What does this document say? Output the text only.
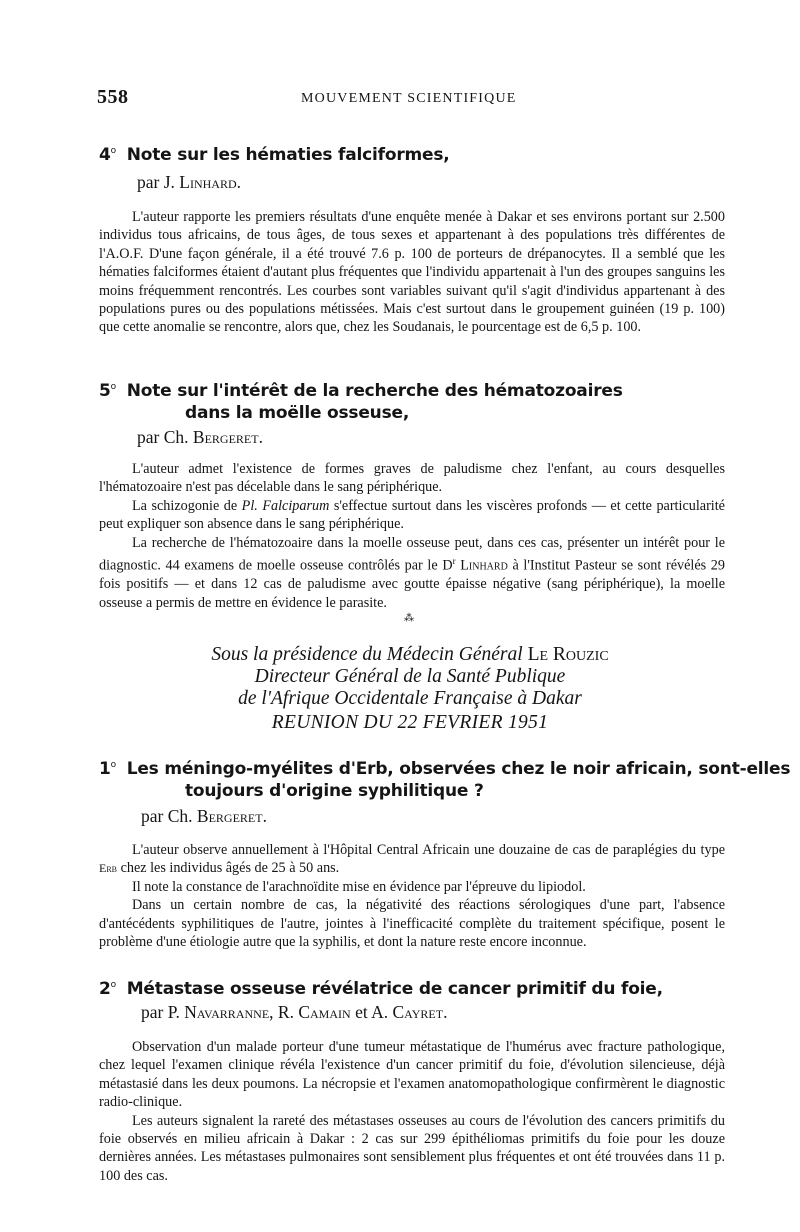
558	MOUVEMENT SCIENTIFIQUE
4$^o$ Note sur les hématies falciformes,
par J. Linhard.

L'auteur rapporte les premiers résultats d'une enquête menée à Dakar et ses environs portant sur 2.500 individus tous africains, de tous âges, de tous sexes et appartenant à des populations très différentes de l'A.O.F. D'une façon générale, il a été trouvé 7.6 p. 100 de porteurs de drépanocytes. Il a semblé que les hématies falciformes étaient d'autant plus fréquentes que l'individu appartenait à l'un des groupes sanguins les moins fréquemment rencontrés. Les courbes sont variables suivant qu'il s'agit d'individus appartenant à des populations pures ou des populations métissées. Mais c'est surtout dans le groupement guinéen (19 p. 100) que cette anomalie se rencontre, alors que, chez les Soudanais, le pourcentage est de 6,5 p. 100.

5$^o$ Note sur l'intérêt de la recherche des hématozoaires
dans la moëlle osseuse,
par Ch. Bergeret.

L'auteur admet l'existence de formes graves de paludisme chez l'enfant, au cours desquelles l'hématozoaire n'est pas décelable dans le sang périphérique.

La schizogonie de Pl. Falciparum s'effectue surtout dans les viscères profonds — et cette particularité peut expliquer son absence dans le sang périphérique.

La recherche de l'hématozoaire dans la moelle osseuse peut, dans ces cas, présenter un intérêt pour le diagnostic. 44 examens de moelle osseuse contrôlés par le $D^r$ Linhard à l'Institut Pasteur se sont révélés 29 fois positifs — et dans 12 cas de paludisme avec goutte épaisse négative (sang périphérique), la moelle osseuse a permis de mettre en évidence le parasite.

⁂
Sous la présidence du Médecin Général Le Rouzic
Directeur Général de la Santé Publique
de l'Afrique Occidentale Française à Dakar
REUNION DU 22 FEVRIER 1951
1$^o$ Les méningo-myélites d'Erb, observées chez le noir africain, sont-elles
toujours d'origine syphilitique ?
par Ch. Bergeret.

L'auteur observe annuellement à l'Hôpital Central Africain une douzaine de cas de paraplégies du type Erb chez les individus âgés de 25 à 50 ans.

Il note la constance de l'arachnoïdite mise en évidence par l'épreuve du lipiodol.

Dans un certain nombre de cas, la négativité des réactions sérologiques d'une part, l'absence d'antécédents syphilitiques de l'autre, jointes à l'inefficacité complète du traitement spécifique, posent le problème d'une étiologie autre que la syphilis, et dont la nature reste encore inconnue.

2$^o$ Métastase osseuse révélatrice de cancer primitif du foie,
par P. Navarranne, R. Camain et A. Cayret.

Observation d'un malade porteur d'une tumeur métastatique de l'humérus avec fracture pathologique, chez lequel l'examen clinique révéla l'existence d'un cancer primitif du foie, d'évolution silencieuse, déjà métastasié dans les deux poumons. La nécropsie et l'examen anatomopathologique confirmèrent le diagnostic radio-clinique.

Les auteurs signalent la rareté des métastases osseuses au cours de l'évolution des cancers primitifs du foie observés en milieu africain à Dakar : 2 cas sur 299 épithéliomas primitifs du foie pour les douze dernières années. Les métastases pulmonaires sont sensiblement plus fréquentes et ont été trouvées dans 11 p. 100 des cas.
